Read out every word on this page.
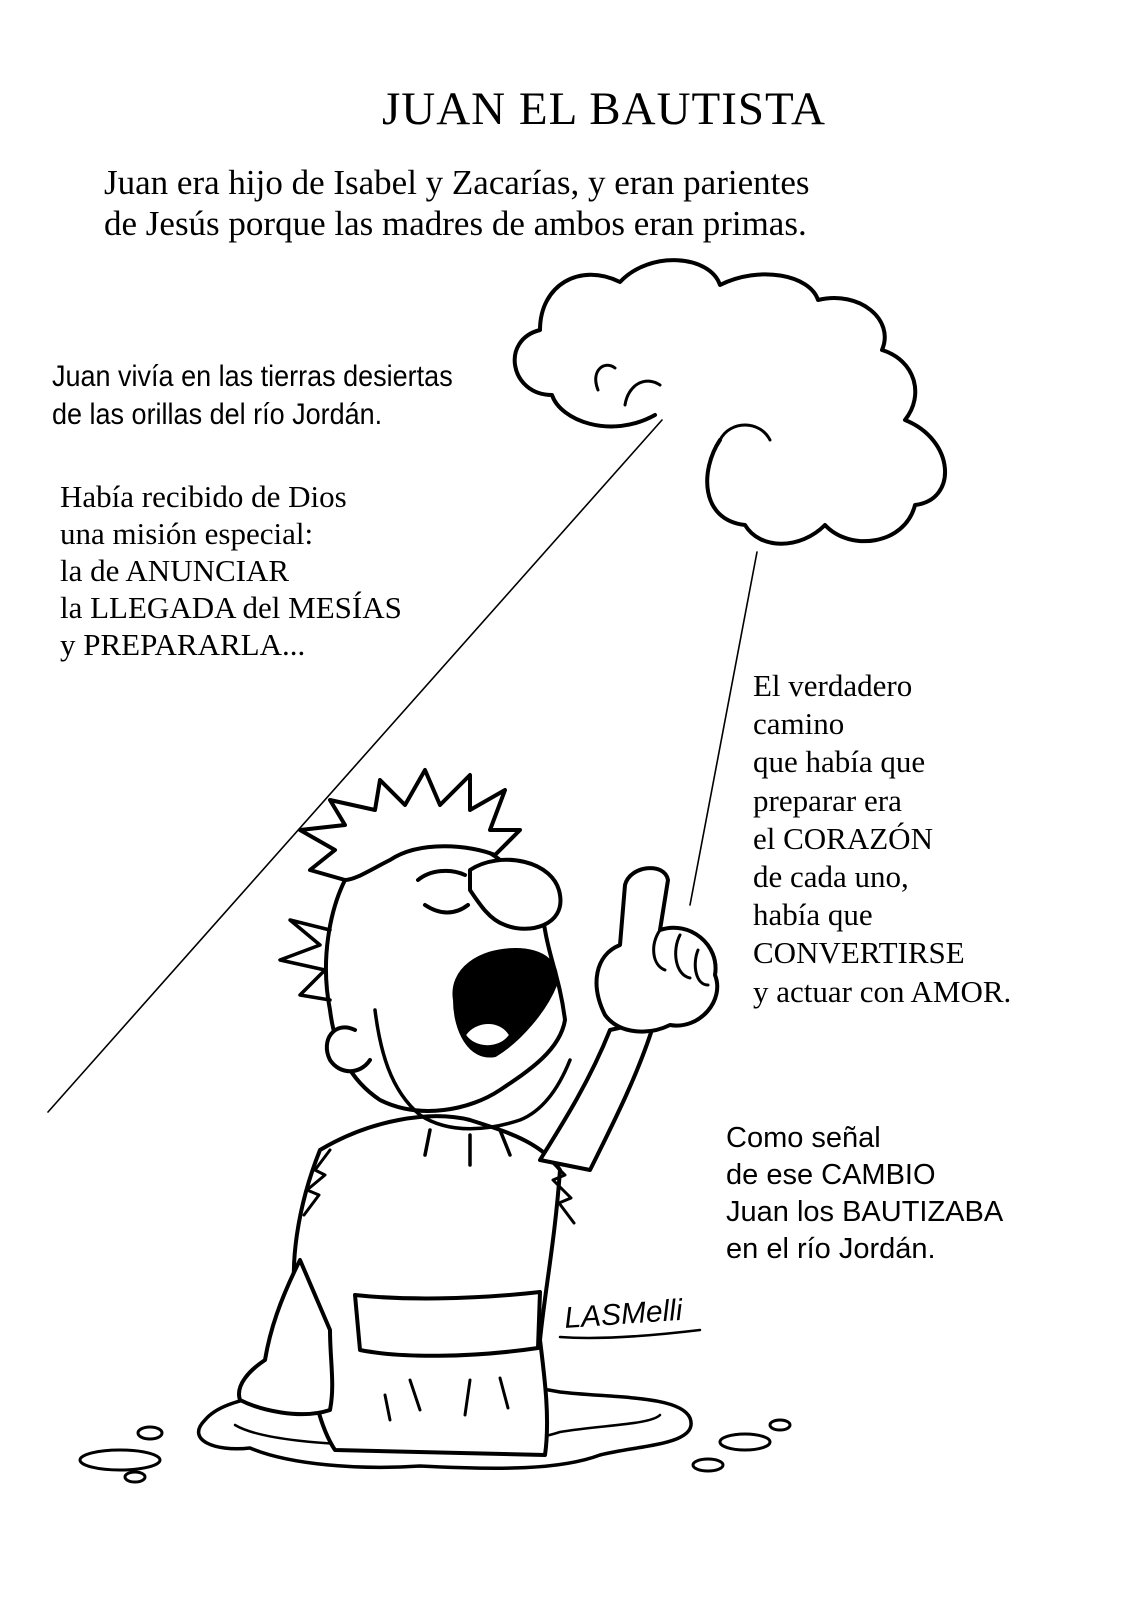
LASMelli
JUAN EL BAUTISTA
Juan era hijo de Isabel y Zacarías, y eran parientes
de Jesús porque las madres de ambos eran primas.
Juan vivía en las tierras desiertas
de las orillas del río Jordán.
Había recibido de Dios
una misión especial:
la de ANUNCIAR
la LLEGADA del MESÍAS
y PREPARARLA...
El verdadero
camino
que había que
preparar era
el CORAZÓN
de cada uno,
había que
CONVERTIRSE
y actuar con AMOR.
Como señal
de ese CAMBIO
Juan los BAUTIZABA
en el río Jordán.
